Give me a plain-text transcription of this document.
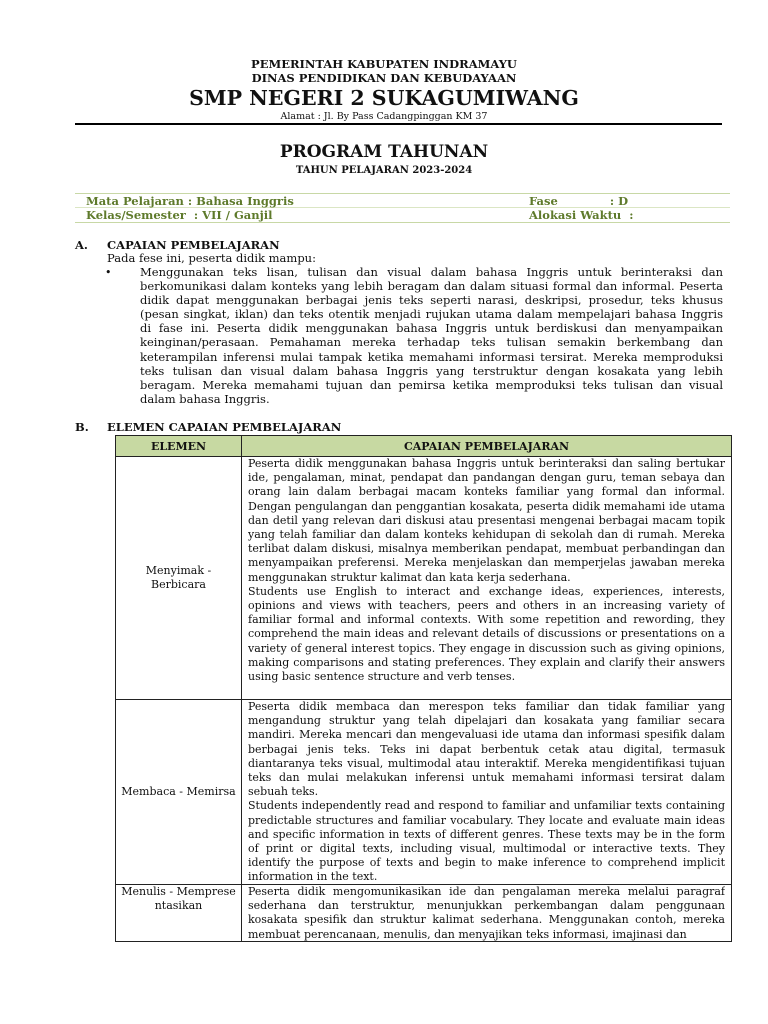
PEMERINTAH KABUPATEN INDRAMAYU
DINAS PENDIDIKAN DAN KEBUDAYAAN
SMP NEGERI 2 SUKAGUMIWANG
Alamat : Jl. By Pass Cadangpinggan KM 37
PROGRAM TAHUNAN
TAHUN PELAJARAN 2023-2024
Mata Pelajaran : Bahasa Inggris
Kelas/Semester  : VII / Ganjil
Fase             : D
Alokasi Waktu  :
A. CAPAIAN PEMBELAJARAN
Pada fese ini, peserta didik mampu:
• Menggunakan teks lisan, tulisan dan visual dalam bahasa Inggris untuk berinteraksi dan berkomunikasi dalam konteks yang lebih beragam dan dalam situasi formal dan informal. Peserta didik dapat menggunakan berbagai jenis teks seperti narasi, deskripsi, prosedur, teks khusus (pesan singkat, iklan) dan teks otentik menjadi rujukan utama dalam mempelajari bahasa Inggris di fase ini. Peserta didik menggunakan bahasa Inggris untuk berdiskusi dan menyampaikan keinginan/perasaan. Pemahaman mereka terhadap teks tulisan semakin berkembang dan keterampilan inferensi mulai tampak ketika memahami informasi tersirat. Mereka memproduksi teks tulisan dan visual dalam bahasa Inggris yang terstruktur dengan kosakata yang lebih beragam. Mereka memahami tujuan dan pemirsa ketika memproduksi teks tulisan dan visual dalam bahasa Inggris.
B. ELEMEN CAPAIAN PEMBELAJARAN
ELEMEN	CAPAIAN PEMBELAJARAN
Menyimak - Berbicara	Peserta didik menggunakan bahasa Inggris untuk berinteraksi dan saling bertukar ide, pengalaman, minat, pendapat dan pandangan dengan guru, teman sebaya dan orang lain dalam berbagai macam konteks familiar yang formal dan informal. Dengan pengulangan dan penggantian kosakata, peserta didik memahami ide utama dan detil yang relevan dari diskusi atau presentasi mengenai berbagai macam topik yang telah familiar dan dalam konteks kehidupan di sekolah dan di rumah. Mereka terlibat dalam diskusi, misalnya memberikan pendapat, membuat perbandingan dan menyampaikan preferensi. Mereka menjelaskan dan memperjelas jawaban mereka menggunakan struktur kalimat dan kata kerja sederhana.

Students use English to interact and exchange ideas, experiences, interests, opinions and views with teachers, peers and others in an increasing variety of familiar formal and informal contexts. With some repetition and rewording, they comprehend the main ideas and relevant details of discussions or presentations on a variety of general interest topics. They engage in discussion such as giving opinions, making comparisons and stating preferences. They explain and clarify their answers using basic sentence structure and verb tenses.

Membaca - Memirsa	Peserta didik membaca dan merespon teks familiar dan tidak familiar yang mengandung struktur yang telah dipelajari dan kosakata yang familiar secara mandiri. Mereka mencari dan mengevaluasi ide utama dan informasi spesifik dalam berbagai jenis teks. Teks ini dapat berbentuk cetak atau digital, termasuk diantaranya teks visual, multimodal atau interaktif. Mereka mengidentifikasi tujuan teks dan mulai melakukan inferensi untuk memahami informasi tersirat dalam sebuah teks.

Students independently read and respond to familiar and unfamiliar texts containing predictable structures and familiar vocabulary. They locate and evaluate main ideas and specific information in texts of different genres. These texts may be in the form of print or digital texts, including visual, multimodal or interactive texts. They identify the purpose of texts and begin to make inference to comprehend implicit information in the text.

Menulis - Mempresentasikan	Peserta didik mengomunikasikan ide dan pengalaman mereka melalui paragraf sederhana dan terstruktur, menunjukkan perkembangan dalam penggunaan kosakata spesifik dan struktur kalimat sederhana. Menggunakan contoh, mereka membuat perencanaan, menulis, dan menyajikan teks informasi, imajinasi dan
